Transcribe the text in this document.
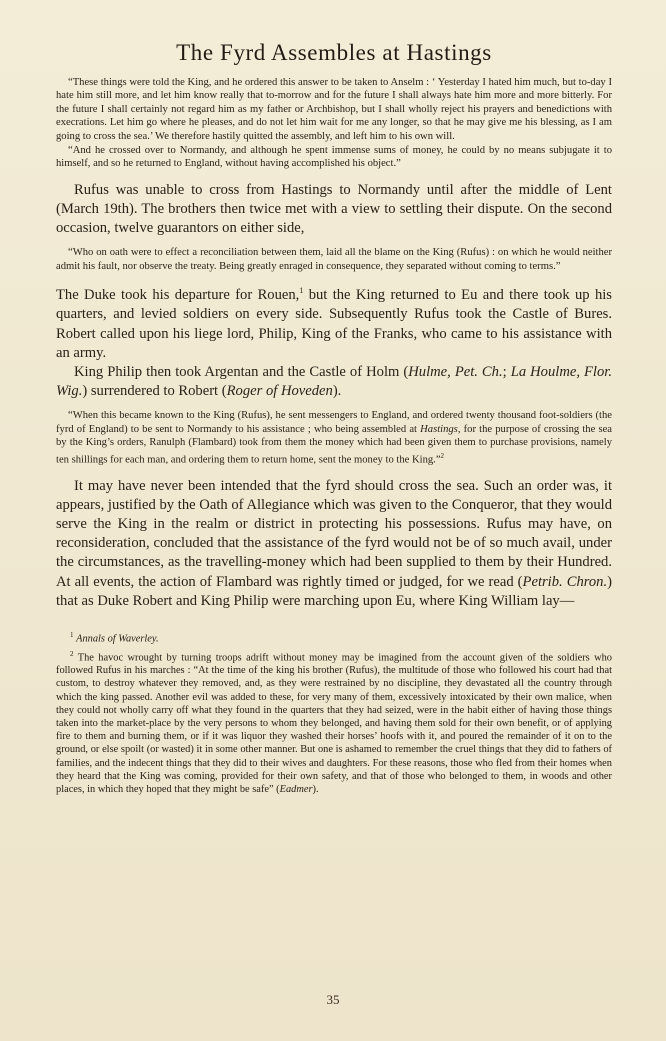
The Fyrd Assembles at Hastings

“These things were told the King, and he ordered this answer to be taken to Anselm : ‘ Yesterday I hated him much, but to-day I hate him still more, and let him know really that to-morrow and for the future I shall always hate him more and more bitterly. For the future I shall certainly not regard him as my father or Archbishop, but I shall wholly reject his prayers and benedictions with execrations. Let him go where he pleases, and do not let him wait for me any longer, so that he may give me his blessing, as I am going to cross the sea.’ We therefore hastily quitted the assembly, and left him to his own will.

“And he crossed over to Normandy, and although he spent immense sums of money, he could by no means subjugate it to himself, and so he returned to England, without having accomplished his object.”

Rufus was unable to cross from Hastings to Normandy until after the middle of Lent (March 19th). The brothers then twice met with a view to settling their dispute. On the second occasion, twelve guarantors on either side,

“Who on oath were to effect a reconciliation between them, laid all the blame on the King (Rufus) : on which he would neither admit his fault, nor observe the treaty. Being greatly enraged in consequence, they separated without coming to terms.”

The Duke took his departure for Rouen,$^1$ but the King returned to Eu and there took up his quarters, and levied soldiers on every side. Subsequently Rufus took the Castle of Bures. Robert called upon his liege lord, Philip, King of the Franks, who came to his assistance with an army.

King Philip then took Argentan and the Castle of Holm (Hulme, Pet. Ch.; La Houlme, Flor. Wig.) surrendered to Robert (Roger of Hoveden).

“When this became known to the King (Rufus), he sent messengers to England, and ordered twenty thousand foot-soldiers (the fyrd of England) to be sent to Normandy to his assistance ; who being assembled at Hastings, for the purpose of crossing the sea by the King’s orders, Ranulph (Flambard) took from them the money which had been given them to purchase provisions, namely ten shillings for each man, and ordering them to return home, sent the money to the King.”$^2$

It may have never been intended that the fyrd should cross the sea. Such an order was, it appears, justified by the Oath of Allegiance which was given to the Conqueror, that they would serve the King in the realm or district in protecting his possessions. Rufus may have, on reconsideration, concluded that the assistance of the fyrd would not be of so much avail, under the circumstances, as the travelling-money which had been supplied to them by their Hundred. At all events, the action of Flambard was rightly timed or judged, for we read (Petrib. Chron.) that as Duke Robert and King Philip were marching upon Eu, where King William lay—

$^1$ Annals of Waverley.

$^2$ The havoc wrought by turning troops adrift without money may be imagined from the account given of the soldiers who followed Rufus in his marches : “At the time of the king his brother (Rufus), the multitude of those who followed his court had that custom, to destroy whatever they removed, and, as they were restrained by no discipline, they devastated all the country through which the king passed. Another evil was added to these, for very many of them, excessively intoxicated by their own malice, when they could not wholly carry off what they found in the quarters that they had seized, were in the habit either of having those things taken into the market-place by the very persons to whom they belonged, and having them sold for their own benefit, or of applying fire to them and burning them, or if it was liquor they washed their horses’ hoofs with it, and poured the remainder of it on to the ground, or else spoilt (or wasted) it in some other manner. But one is ashamed to remember the cruel things that they did to fathers of families, and the indecent things that they did to their wives and daughters. For these reasons, those who fled from their homes when they heard that the King was coming, provided for their own safety, and that of those who belonged to them, in woods and other places, in which they hoped that they might be safe” (Eadmer).

35
